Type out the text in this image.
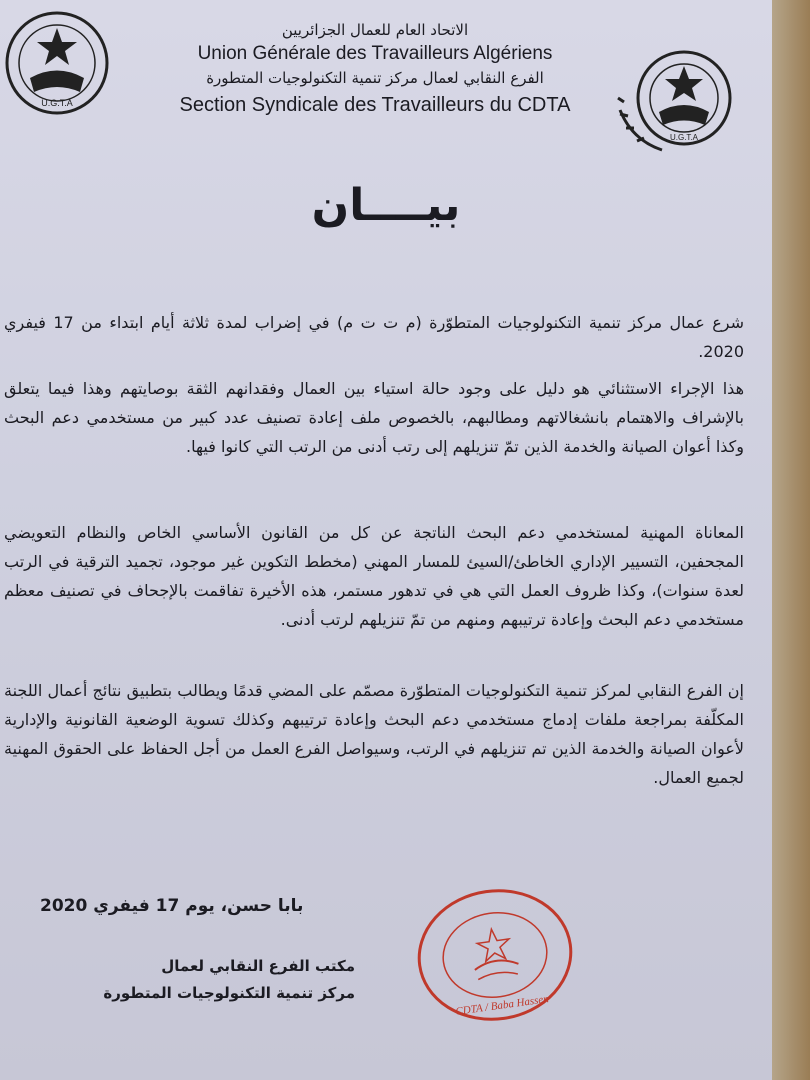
U.G.T.A
U.G.T.A
الاتحاد العام للعمال الجزائريين
Union Générale des Travailleurs Algériens
الفرع النقابي لعمال مركز تنمية التكنولوجيات المتطورة
Section Syndicale des Travailleurs du CDTA
بيــــان
شرع عمال مركز تنمية التكنولوجيات المتطوّرة (م ت ت م) في إضراب لمدة ثلاثة أيام ابتداء من 17 فيفري 2020.
هذا الإجراء الاستثنائي هو دليل على وجود حالة استياء بين العمال وفقدانهم الثقة بوصايتهم وهذا فيما يتعلق بالإشراف والاهتمام بانشغالاتهم ومطالبهم، بالخصوص ملف إعادة تصنيف عدد كبير من مستخدمي دعم البحث وكذا أعوان الصيانة والخدمة الذين تمّ تنزيلهم إلى رتب أدنى من الرتب التي كانوا فيها.
المعاناة المهنية لمستخدمي دعم البحث الناتجة عن كل من القانون الأساسي الخاص والنظام التعويضي المجحفين، التسيير الإداري الخاطئ/السيئ للمسار المهني (مخطط التكوين غير موجود، تجميد الترقية في الرتب لعدة سنوات)، وكذا ظروف العمل التي هي في تدهور مستمر، هذه الأخيرة تفاقمت بالإجحاف في تصنيف معظم مستخدمي دعم البحث وإعادة ترتيبهم ومنهم من تمّ تنزيلهم لرتب أدنى.
إن الفرع النقابي لمركز تنمية التكنولوجيات المتطوّرة مصمّم على المضي قدمًا ويطالب بتطبيق نتائج أعمال اللجنة المكلّفة بمراجعة ملفات إدماج مستخدمي دعم البحث وإعادة ترتيبهم وكذلك تسوية الوضعية القانونية والإدارية لأعوان الصيانة والخدمة الذين تم تنزيلهم في الرتب، وسيواصل الفرع العمل من أجل الحفاظ على الحقوق المهنية لجميع العمال.
بابا حسن، يوم 17 فيفري 2020
مكتب الفرع النقابي لعمال
مركز تنمية التكنولوجيات المتطورة
CDTA / Baba Hassen
